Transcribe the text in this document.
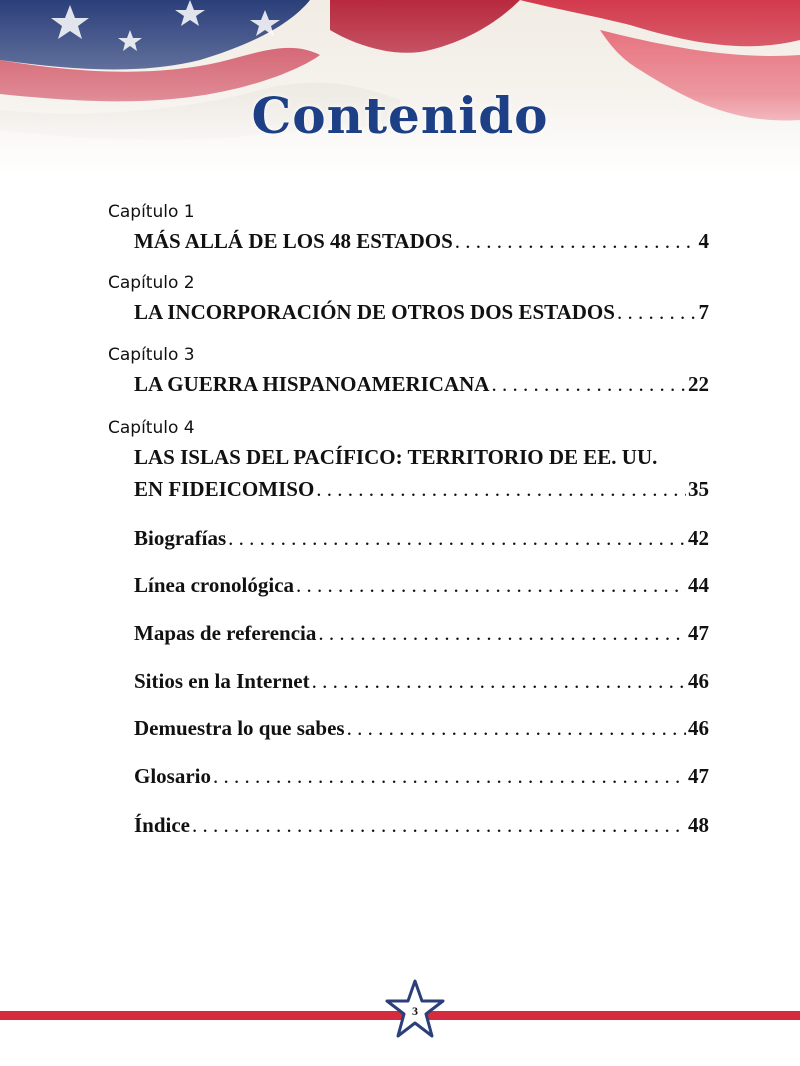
Contenido
Capítulo 1
MÁS ALLÁ DE LOS 48 ESTADOS . . .	4
Capítulo 2
LA INCORPORACIÓN DE OTROS DOS ESTADOS . . .	7
Capítulo 3
LA GUERRA HISPANOAMERICANA . . .	22
Capítulo 4
LAS ISLAS DEL PACÍFICO: TERRITORIO DE EE. UU.
EN FIDEICOMISO . . .	35
Biografías . . .	42
Línea cronológica . . .	44
Mapas de referencia . . .	47
Sitios en la Internet . . .	46
Demuestra lo que sabes . . .	46
Glosario . . .	47
Índice . . .	48
3
